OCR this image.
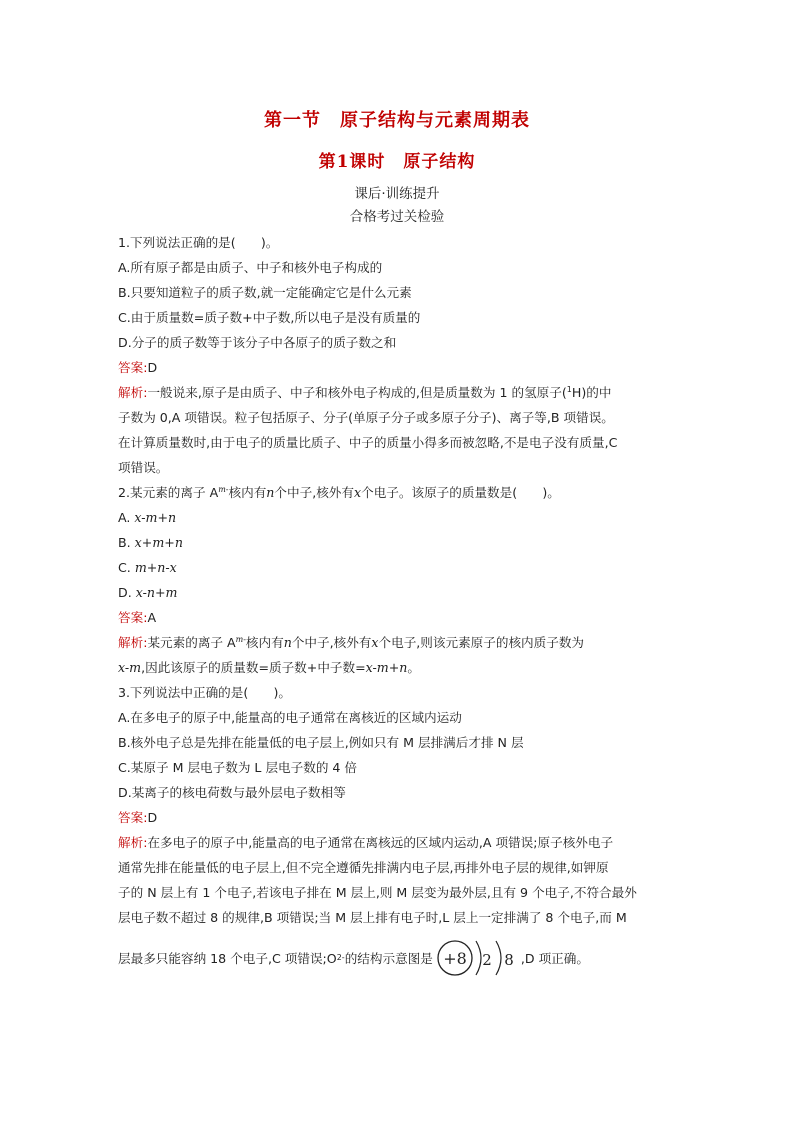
第一节　原子结构与元素周期表
第1课时　原子结构
课后·训练提升
合格考过关检验
1.下列说法正确的是(　　)。
A.所有原子都是由质子、中子和核外电子构成的
B.只要知道粒子的质子数,就一定能确定它是什么元素
C.由于质量数=质子数+中子数,所以电子是没有质量的
D.分子的质子数等于该分子中各原子的质子数之和
答案:D
解析:一般说来,原子是由质子、中子和核外电子构成的,但是质量数为 1 的氢原子($^1$H)的中
子数为 0,A 项错误。粒子包括原子、分子(单原子分子或多原子分子)、离子等,B 项错误。
在计算质量数时,由于电子的质量比质子、中子的质量小得多而被忽略,不是电子没有质量,C
项错误。
2.某元素的离子 $A^{m-}$核内有n个中子,核外有x个电子。该原子的质量数是(　　)。
A. x-m+n
B. x+m+n
C. m+n-x
D. x-n+m
答案:A
解析:某元素的离子 $A^{m-}$核内有n个中子,核外有x个电子,则该元素原子的核内质子数为
x-m,因此该原子的质量数=质子数+中子数=x-m+n。
3.下列说法中正确的是(　　)。
A.在多电子的原子中,能量高的电子通常在离核近的区域内运动
B.核外电子总是先排在能量低的电子层上,例如只有 M 层排满后才排 N 层
C.某原子 M 层电子数为 L 层电子数的 4 倍
D.某离子的核电荷数与最外层电子数相等
答案:D
解析:在多电子的原子中,能量高的电子通常在离核远的区域内运动,A 项错误;原子核外电子
通常先排在能量低的电子层上,但不完全遵循先排满内电子层,再排外电子层的规律,如钾原
子的 N 层上有 1 个电子,若该电子排在 M 层上,则 M 层变为最外层,且有 9 个电子,不符合最外
层电子数不超过 8 的规律,B 项错误;当 M 层上排有电子时,L 层上一定排满了 8 个电子,而 M
层最多只能容纳 18 个电子,C 项错误;O 2- 的结构示意图是 +8 2 8 ,D 项正确。
